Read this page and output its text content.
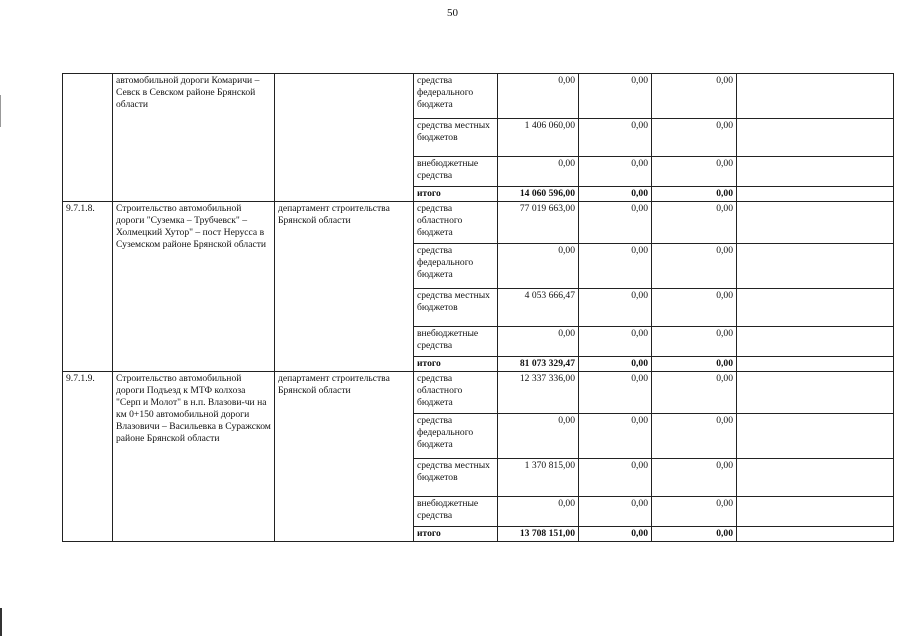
50
	автомобильной дороги Комаричи – Севск в Севском районе Брянской области		средства федерального бюджета	0,00	0,00	0,00	
			средства местных бюджетов	1 406 060,00	0,00	0,00	
			внебюджетные средства	0,00	0,00	0,00	
			итого	14 060 596,00	0,00	0,00	
9.7.1.8.	Строительство автомобильной дороги "Суземка – Трубчевск" – Холмецкий Хутор" – пост Нерусса в Суземском районе Брянской области	департамент строительства Брянской области	средства областного бюджета	77 019 663,00	0,00	0,00	
			средства федерального бюджета	0,00	0,00	0,00	
			средства местных бюджетов	4 053 666,47	0,00	0,00	
			внебюджетные средства	0,00	0,00	0,00	
			итого	81 073 329,47	0,00	0,00	
9.7.1.9.	Строительство автомобильной дороги Подъезд к МТФ колхоза "Серп и Молот" в н.п. Влазови-чи на км 0+150 автомобильной дороги Влазовичи – Васильевка в Суражском районе Брянской области	департамент строительства Брянской области	средства областного бюджета	12 337 336,00	0,00	0,00	
			средства федерального бюджета	0,00	0,00	0,00	
			средства местных бюджетов	1 370 815,00	0,00	0,00	
			внебюджетные средства	0,00	0,00	0,00	
			итого	13 708 151,00	0,00	0,00	
